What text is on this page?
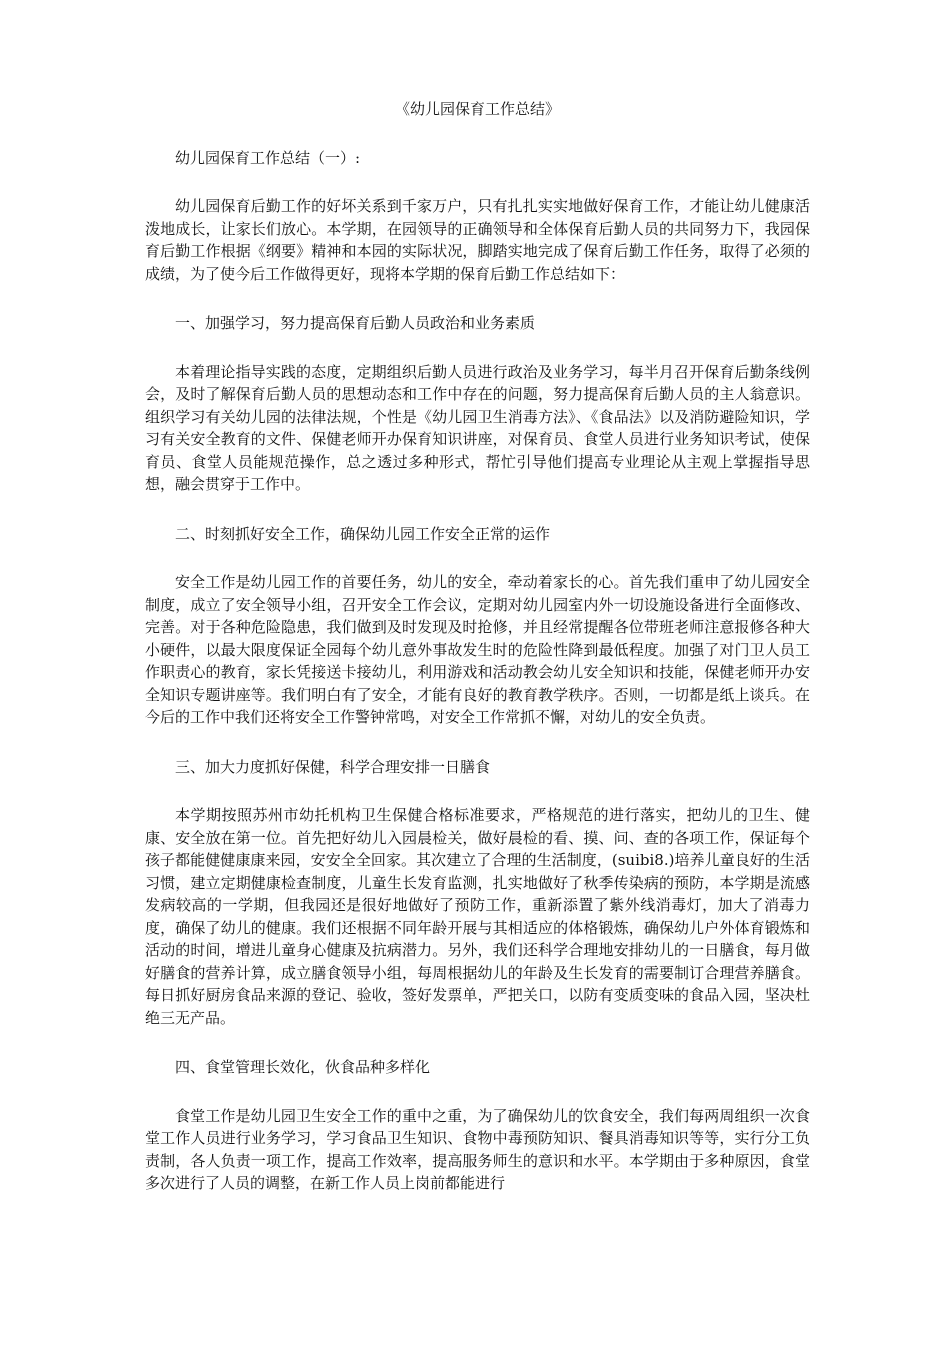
《幼儿园保育工作总结》

幼儿园保育工作总结（一）:

幼儿园保育后勤工作的好坏关系到千家万户，只有扎扎实实地做好保育工作，才能让幼儿健康活泼地成长，让家长们放心。本学期，在园领导的正确领导和全体保育后勤人员的共同努力下，我园保育后勤工作根据《纲要》精神和本园的实际状况，脚踏实地完成了保育后勤工作任务，取得了必须的成绩，为了使今后工作做得更好，现将本学期的保育后勤工作总结如下：

一、加强学习，努力提高保育后勤人员政治和业务素质

本着理论指导实践的态度，定期组织后勤人员进行政治及业务学习，每半月召开保育后勤条线例会，及时了解保育后勤人员的思想动态和工作中存在的问题，努力提高保育后勤人员的主人翁意识。组织学习有关幼儿园的法律法规，个性是《幼儿园卫生消毒方法》、《食品法》以及消防避险知识，学习有关安全教育的文件、保健老师开办保育知识讲座，对保育员、食堂人员进行业务知识考试，使保育员、食堂人员能规范操作，总之透过多种形式，帮忙引导他们提高专业理论从主观上掌握指导思想，融会贯穿于工作中。

二、时刻抓好安全工作，确保幼儿园工作安全正常的运作

安全工作是幼儿园工作的首要任务，幼儿的安全，牵动着家长的心。首先我们重申了幼儿园安全制度，成立了安全领导小组，召开安全工作会议，定期对幼儿园室内外一切设施设备进行全面修改、完善。对于各种危险隐患，我们做到及时发现及时抢修，并且经常提醒各位带班老师注意报修各种大小硬件，以最大限度保证全园每个幼儿意外事故发生时的危险性降到最低程度。加强了对门卫人员工作职责心的教育，家长凭接送卡接幼儿，利用游戏和活动教会幼儿安全知识和技能，保健老师开办安全知识专题讲座等。我们明白有了安全，才能有良好的教育教学秩序。否则，一切都是纸上谈兵。在今后的工作中我们还将安全工作警钟常鸣，对安全工作常抓不懈，对幼儿的安全负责。

三、加大力度抓好保健，科学合理安排一日膳食

本学期按照苏州市幼托机构卫生保健合格标准要求，严格规范的进行落实，把幼儿的卫生、健康、安全放在第一位。首先把好幼儿入园晨检关，做好晨检的看、摸、问、查的各项工作，保证每个孩子都能健健康康来园，安安全全回家。其次建立了合理的生活制度，(suibi8.)培养儿童良好的生活习惯，建立定期健康检查制度，儿童生长发育监测，扎实地做好了秋季传染病的预防，本学期是流感发病较高的一学期，但我园还是很好地做好了预防工作，重新添置了紫外线消毒灯，加大了消毒力度，确保了幼儿的健康。我们还根据不同年龄开展与其相适应的体格锻炼，确保幼儿户外体育锻炼和活动的时间，增进儿童身心健康及抗病潜力。另外，我们还科学合理地安排幼儿的一日膳食，每月做好膳食的营养计算，成立膳食领导小组，每周根据幼儿的年龄及生长发育的需要制订合理营养膳食。每日抓好厨房食品来源的登记、验收，签好发票单，严把关口，以防有变质变味的食品入园，坚决杜绝三无产品。

四、食堂管理长效化，伙食品种多样化

食堂工作是幼儿园卫生安全工作的重中之重，为了确保幼儿的饮食安全，我们每两周组织一次食堂工作人员进行业务学习，学习食品卫生知识、食物中毒预防知识、餐具消毒知识等等，实行分工负责制，各人负责一项工作，提高工作效率，提高服务师生的意识和水平。本学期由于多种原因，食堂多次进行了人员的调整，在新工作人员上岗前都能进行
